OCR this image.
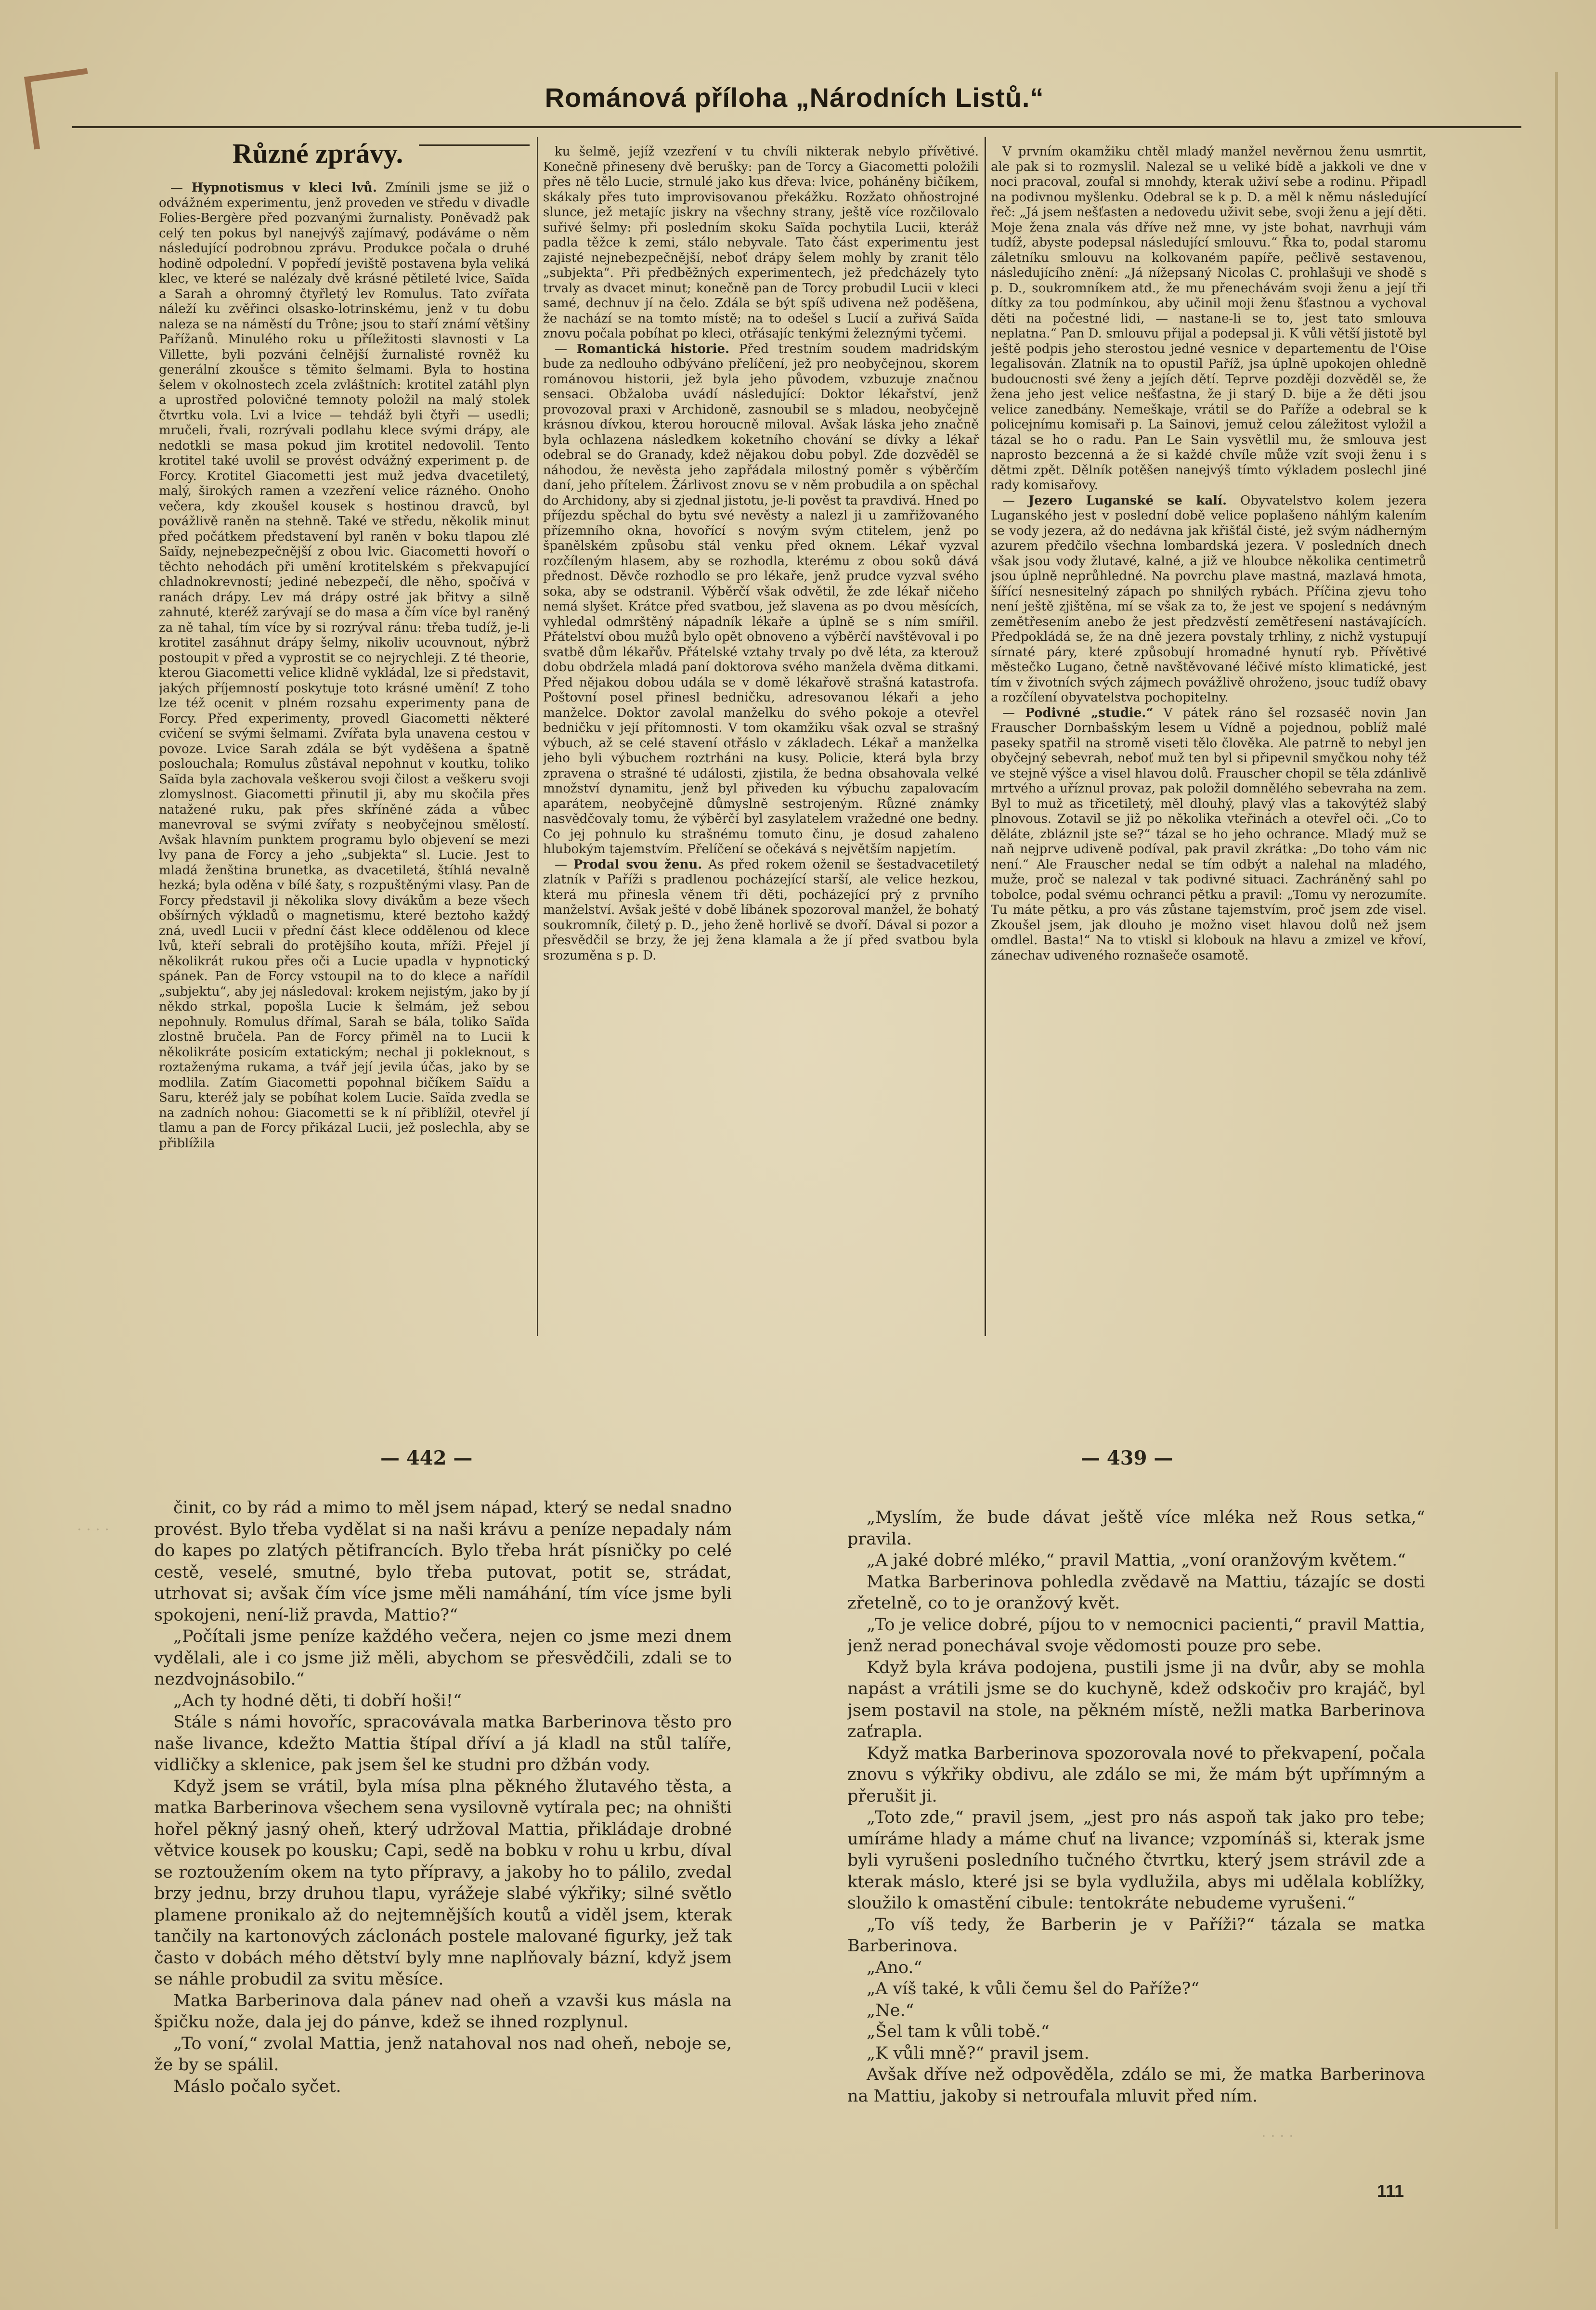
Románová příloha „Národních Listů.“
Různé zprávy.

— Hypnotismus v kleci lvů. Zmínili jsme se již o odvážném experimentu, jenž proveden ve středu v divadle Folies-Bergère před pozvanými žurnalisty. Poněvadž pak celý ten pokus byl nanejvýš zajímavý, podáváme o něm následující podrobnou zprávu. Produkce počala o druhé hodině odpolední. V popředí jeviště postavena byla veliká klec, ve které se nalézaly dvě krásné pětileté lvice, Saïda a Sarah a ohromný čtyřletý lev Romulus. Tato zvířata náleží ku zvěřinci olsasko-lotrinskému, jenž v tu dobu naleza se na náměstí du Trône; jsou to staří známí většiny Pařížanů. Minulého roku u příležitosti slavnosti v La Villette, byli pozváni čelnější žurnalisté rovněž ku generální zkoušce s těmito šelmami. Byla to hostina šelem v okolnostech zcela zvláštních: krotitel zatáhl plyn a uprostřed polovičné temnoty položil na malý stolek čtvrtku vola. Lvi a lvice — tehdáž byli čtyři — usedli; mručeli, řvali, rozrývali podlahu klece svými drápy, ale nedotkli se masa pokud jim krotitel nedovolil. Tento krotitel také uvolil se provést odvážný experiment p. de Forcy. Krotitel Giacometti jest muž jedva dvacetiletý, malý, širokých ramen a vzezření velice rázného. Onoho večera, kdy zkoušel kousek s hostinou dravců, byl povážlivě raněn na stehně. Také ve středu, několik minut před počátkem představení byl raněn v boku tlapou zlé Saïdy, nejnebezpečnější z obou lvic. Giacometti hovoří o těchto nehodách při umění krotitelském s překvapující chladnokrevností; jediné nebezpečí, dle něho, spočívá v ranách drápy. Lev má drápy ostré jak břitvy a silně zahnuté, kteréž zarývají se do masa a čím více byl raněný za ně tahal, tím více by si rozrýval ránu: třeba tudíž, je-li krotitel zasáhnut drápy šelmy, nikoliv ucouvnout, nýbrž postoupit v před a vyprostit se co nejrychleji. Z té theorie, kterou Giacometti velice klidně vykládal, lze si představit, jakých příjemností poskytuje toto krásné umění! Z toho lze též ocenit v plném rozsahu experimenty pana de Forcy. Před experimenty, provedl Giacometti některé cvičení se svými šelmami. Zvířata byla unavena cestou v povoze. Lvice Sarah zdála se být vyděšena a špatně poslouchala; Romulus zůstával nepohnut v koutku, toliko Saïda byla zachovala veškerou svoji čilost a veškeru svoji zlomyslnost. Giacometti přinutil ji, aby mu skočila přes natažené ruku, pak přes skříněné záda a vůbec manevroval se svými zvířaty s neobyčejnou smělostí. Avšak hlavním punktem programu bylo objevení se mezi lvy pana de Forcy a jeho „subjekta“ sl. Lucie. Jest to mladá ženština brunetka, as dvacetiletá, štíhlá nevalně hezká; byla oděna v bílé šaty, s rozpuštěnými vlasy. Pan de Forcy představil ji několika slovy divákům a beze všech obšírných výkladů o magnetismu, které beztoho každý zná, uvedl Lucii v přední část klece oddělenou od klece lvů, kteří sebrali do protějšího kouta, mříži. Přejel jí několikrát rukou přes oči a Lucie upadla v hypnotický spánek. Pan de Forcy vstoupil na to do klece a nařídil „subjektu“, aby jej následoval: krokem nejistým, jako by jí někdo strkal, popošla Lucie k šelmám, jež sebou nepohnuly. Romulus dřímal, Sarah se bála, toliko Saïda zlostně bručela. Pan de Forcy přiměl na to Lucii k několikráte posicím extatickým; nechal ji pokleknout, s roztaženýma rukama, a tvář její jevila účas, jako by se modlila. Zatím Giacometti popohnal bičíkem Saïdu a Saru, kteréž jaly se pobíhat kolem Lucie. Saïda zvedla se na zadních nohou: Giacometti se k ní přiblížil, otevřel jí tlamu a pan de Forcy přikázal Lucii, jež poslechla, aby se přiblížila

ku šelmě, jejíž vzezření v tu chvíli nikterak nebylo přívětivé. Konečně přineseny dvě berušky: pan de Torcy a Giacometti položili přes ně tělo Lucie, strnulé jako kus dřeva: lvice, poháněny bičíkem, skákaly přes tuto improvisovanou překážku. Rozžato ohňostrojné slunce, jež metajíc jiskry na všechny strany, ještě více rozčilovalo suřivé šelmy: při posledním skoku Saïda pochytila Lucii, kteráž padla těžce k zemi, stálo nebyvale. Tato část experimentu jest zajisté nejnebezpečnější, neboť drápy šelem mohly by zranit tělo „subjekta“. Při předběžných experimentech, jež předcházely tyto trvaly as dvacet minut; konečně pan de Torcy probudil Lucii v kleci samé, dechnuv jí na čelo. Zdála se být spíš udivena než poděšena, že nachází se na tomto místě; na to odešel s Lucií a zuřivá Saïda znovu počala pobíhat po kleci, otřásajíc tenkými železnými tyčemi.

— Romantická historie. Před trestním soudem madridským bude za nedlouho odbýváno přelíčení, jež pro neobyčejnou, skorem románovou historii, jež byla jeho původem, vzbuzuje značnou sensaci. Obžaloba uvádí následující: Doktor lékařství, jenž provozoval praxi v Archidoně, zasnoubil se s mladou, neobyčejně krásnou dívkou, kterou horoucně miloval. Avšak láska jeho značně byla ochlazena následkem koketního chování se dívky a lékař odebral se do Granady, kdež nějakou dobu pobyl. Zde dozvěděl se náhodou, že nevěsta jeho zapřádala milostný poměr s výběrčím daní, jeho přítelem. Žárlivost znovu se v něm probudila a on spěchal do Archidony, aby si zjednal jistotu, je-li pověst ta pravdivá. Hned po příjezdu spěchal do bytu své nevěsty a nalezl ji u zamřižovaného přízemního okna, hovořící s novým svým ctitelem, jenž po španělském způsobu stál venku před oknem. Lékař vyzval rozčíleným hlasem, aby se rozhodla, kterému z obou soků dává přednost. Děvče rozhodlo se pro lékaře, jenž prudce vyzval svého soka, aby se odstranil. Výběrčí však odvětil, že zde lékař ničeho nemá slyšet. Krátce před svatbou, jež slavena as po dvou měsících, vyhledal odmrštěný nápadník lékaře a úplně se s ním smířil. Přátelství obou mužů bylo opět obnoveno a výběrčí navštěvoval i po svatbě dům lékařův. Přátelské vztahy trvaly po dvě léta, za kterouž dobu obdržela mladá paní doktorova svého manžela dvěma ditkami. Před nějakou dobou udála se v domě lékařově strašná katastrofa. Poštovní posel přinesl bedničku, adresovanou lékaři a jeho manželce. Doktor zavolal manželku do svého pokoje a otevřel bedničku v její přítomnosti. V tom okamžiku však ozval se strašný výbuch, až se celé stavení otřáslo v základech. Lékař a manželka jeho byli výbuchem roztrháni na kusy. Policie, která byla brzy zpravena o strašné té události, zjistila, že bedna obsahovala velké množství dynamitu, jenž byl přiveden ku výbuchu zapalovacím aparátem, neobyčejně důmyslně sestrojeným. Různé známky nasvědčovaly tomu, že výběrčí byl zasylatelem vražedné one bedny. Co jej pohnulo ku strašnému tomuto činu, je dosud zahaleno hlubokým tajemstvím. Přelíčení se očekává s největším napjetím.

— Prodal svou ženu. As před rokem oženil se šestadvacetiletý zlatník v Paříži s pradlenou pocházející starší, ale velice hezkou, která mu přinesla věnem tři děti, pocházející prý z prvního manželství. Avšak ješté v době líbánek spozoroval manžel, že bohatý soukromník, čiletý p. D., jeho ženě horlivě se dvoří. Dával si pozor a přesvědčil se brzy, že jej žena klamala a že jí před svatbou byla srozuměna s p. D.

V prvním okamžiku chtěl mladý manžel nevěrnou ženu usmrtit, ale pak si to rozmyslil. Nalezal se u veliké bídě a jakkoli ve dne v noci pracoval, zoufal si mnohdy, kterak uživí sebe a rodinu. Připadl na podivnou myšlenku. Odebral se k p. D. a měl k němu následující řeč: „Já jsem nešťasten a nedovedu uživit sebe, svoji ženu a její děti. Moje žena znala vás dříve než mne, vy jste bohat, navrhuji vám tudíž, abyste podepsal následující smlouvu.“ Řka to, podal staromu záletníku smlouvu na kolkovaném papíře, pečlivě sestavenou, následujícího znění: „Já nížepsaný Nicolas C. prohlašuji ve shodě s p. D., soukromníkem atd., že mu přenechávám svoji ženu a její tři dítky za tou podmínkou, aby učinil moji ženu šťastnou a vychoval děti na počestné lidi, — nastane-li se to, jest tato smlouva neplatna.“ Pan D. smlouvu přijal a podepsal ji. K vůli větší jistotě byl ještě podpis jeho sterostou jedné vesnice v departementu de l'Oise legalisován. Zlatník na to opustil Paříž, jsa úplně upokojen ohledně budoucnosti své ženy a jejích dětí. Teprve později dozvěděl se, že žena jeho jest velice nešťastna, že ji starý D. bije a že děti jsou velice zanedbány. Nemeškaje, vrátil se do Paříže a odebral se k policejnímu komisaři p. La Sainovi, jemuž celou záležitost vyložil a tázal se ho o radu. Pan Le Sain vysvětlil mu, že smlouva jest naprosto bezcenná a že si každé chvíle může vzít svoji ženu i s dětmi zpět. Dělník potěšen nanejvýš tímto výkladem poslechl jiné rady komisařovy.

— Jezero Luganské se kalí. Obyvatelstvo kolem jezera Luganského jest v poslední době velice poplašeno náhlým kalením se vody jezera, až do nedávna jak křišťál čisté, jež svým nádherným azurem předčilo všechna lombardská jezera. V posledních dnech však jsou vody žlutavé, kalné, a již ve hloubce několika centimetrů jsou úplně neprůhledné. Na povrchu plave mastná, mazlavá hmota, šířící nesnesitelný zápach po shnilých rybách. Příčina zjevu toho není ještě zjištěna, mí se však za to, že jest ve spojení s nedávným zemětřesením anebo že jest předzvěstí zemětřesení nastávajících. Předpokládá se, že na dně jezera povstaly trhliny, z nichž vystupují sírnaté páry, které způsobují hromadné hynutí ryb. Přívětivé městečko Lugano, četně navštěvované léčivé místo klimatické, jest tím v životních svých zájmech povážlivě ohroženo, jsouc tudíž obavy a rozčílení obyvatelstva pochopitelny.

— Podivné „studie.“ V pátek ráno šel rozsaséč novin Jan Frauscher Dornbašským lesem u Vídně a pojednou, poblíž malé paseky spatřil na stromě viseti tělo člověka. Ale patrně to nebyl jen obyčejný sebevrah, neboť muž ten byl si připevnil smyčkou nohy též ve stejně výšce a visel hlavou dolů. Frauscher chopil se těla zdánlivě mrtvého a uříznul provaz, pak položil domnělého sebevraha na zem. Byl to muž as třicetiletý, měl dlouhý, plavý vlas a takovýtéž slabý plnovous. Zotavil se již po několika vteřinách a otevřel oči. „Co to děláte, zbláznil jste se?“ tázal se ho jeho ochrance. Mladý muž se naň nejprve udiveně podíval, pak pravil zkrátka: „Do toho vám nic není.“ Ale Frauscher nedal se tím odbýt a nalehal na mladého, muže, proč se nalezal v tak podivné situaci. Zachráněný sahl po tobolce, podal svému ochranci pětku a pravil: „Tomu vy nerozumíte. Tu máte pětku, a pro vás zůstane tajemstvím, proč jsem zde visel. Zkoušel jsem, jak dlouho je možno viset hlavou dolů než jsem omdlel. Basta!“ Na to vtiskl si klobouk na hlavu a zmizel ve křoví, zánechav udiveného roznašeče osamotě.

· · · ·
· · · ·
— 442 —	— 439 —

činit, co by rád a mimo to měl jsem nápad, který se nedal snadno provést. Bylo třeba vydělat si na naši krávu a peníze nepadaly nám do kapes po zlatých pětifrancích. Bylo třeba hrát písničky po celé cestě, veselé, smutné, bylo třeba putovat, potit se, strádat, utrhovat si; avšak čím více jsme měli namáhání, tím více jsme byli spokojeni, není-liž pravda, Mattio?“

„Počítali jsme peníze každého večera, nejen co jsme mezi dnem vydělali, ale i co jsme již měli, abychom se přesvědčili, zdali se to nezdvojnásobilo.“

„Ach ty hodné děti, ti dobří hoši!“

Stále s námi hovoříc, spracovávala matka Barberinova těsto pro naše livance, kdežto Mattia štípal dříví a já kladl na stůl talíře, vidličky a sklenice, pak jsem šel ke studni pro džbán vody.

Když jsem se vrátil, byla mísa plna pěkného žlutavého těsta, a matka Barberinova všechem sena vysilovně vytírala pec; na ohništi hořel pěkný jasný oheň, který udržoval Mattia, přikládaje drobné větvice kousek po kousku; Capi, sedě na bobku v rohu u krbu, díval se roztoužením okem na tyto přípravy, a jakoby ho to pálilo, zvedal brzy jednu, brzy druhou tlapu, vyrážeje slabé výkřiky; silné světlo plamene pronikalo až do nejtemnějších koutů a viděl jsem, kterak tančily na kartonových záclonách postele malované figurky, jež tak často v dobách mého dětství byly mne naplňovaly bázní, když jsem se náhle probudil za svitu měsíce.

Matka Barberinova dala pánev nad oheň a vzavši kus másla na špičku nože, dala jej do pánve, kdež se ihned rozplynul.

„To voní,“ zvolal Mattia, jenž natahoval nos nad oheň, neboje se, že by se spálil.

Máslo počalo syčet.

„Myslím, že bude dávat ještě více mléka než Rous setka,“ pravila.

„A jaké dobré mléko,“ pravil Mattia, „voní oranžovým květem.“

Matka Barberinova pohledla zvědavě na Mattiu, tázajíc se dosti zřetelně, co to je oranžový květ.

„To je velice dobré, píjou to v nemocnici pacienti,“ pravil Mattia, jenž nerad ponechával svoje vědomosti pouze pro sebe.

Když byla kráva podojena, pustili jsme ji na dvůr, aby se mohla napást a vrátili jsme se do kuchyně, kdež odskočiv pro krajáč, byl jsem postavil na stole, na pěkném místě, nežli matka Barberinova zaťrapla.

Když matka Barberinova spozorovala nové to překvapení, počala znovu s výkřiky obdivu, ale zdálo se mi, že mám být upřímným a přerušit ji.

„Toto zde,“ pravil jsem, „jest pro nás aspoň tak jako pro tebe; umíráme hlady a máme chuť na livance; vzpomínáš si, kterak jsme byli vyrušeni posledního tučného čtvrtku, který jsem strávil zde a kterak máslo, které jsi se byla vydlužila, abys mi udělala koblížky, sloužilo k omastění cibule: tentokráte nebudeme vyrušeni.“

„To víš tedy, že Barberin je v Paříži?“ tázala se matka Barberinova.

„Ano.“

„A víš také, k vůli čemu šel do Paříže?“

„Ne.“

„Šel tam k vůli tobě.“

„K vůli mně?“ pravil jsem.

Avšak dříve než odpověděla, zdálo se mi, že matka Barberinova na Mattiu, jakoby si netroufala mluvit před ním.

111
